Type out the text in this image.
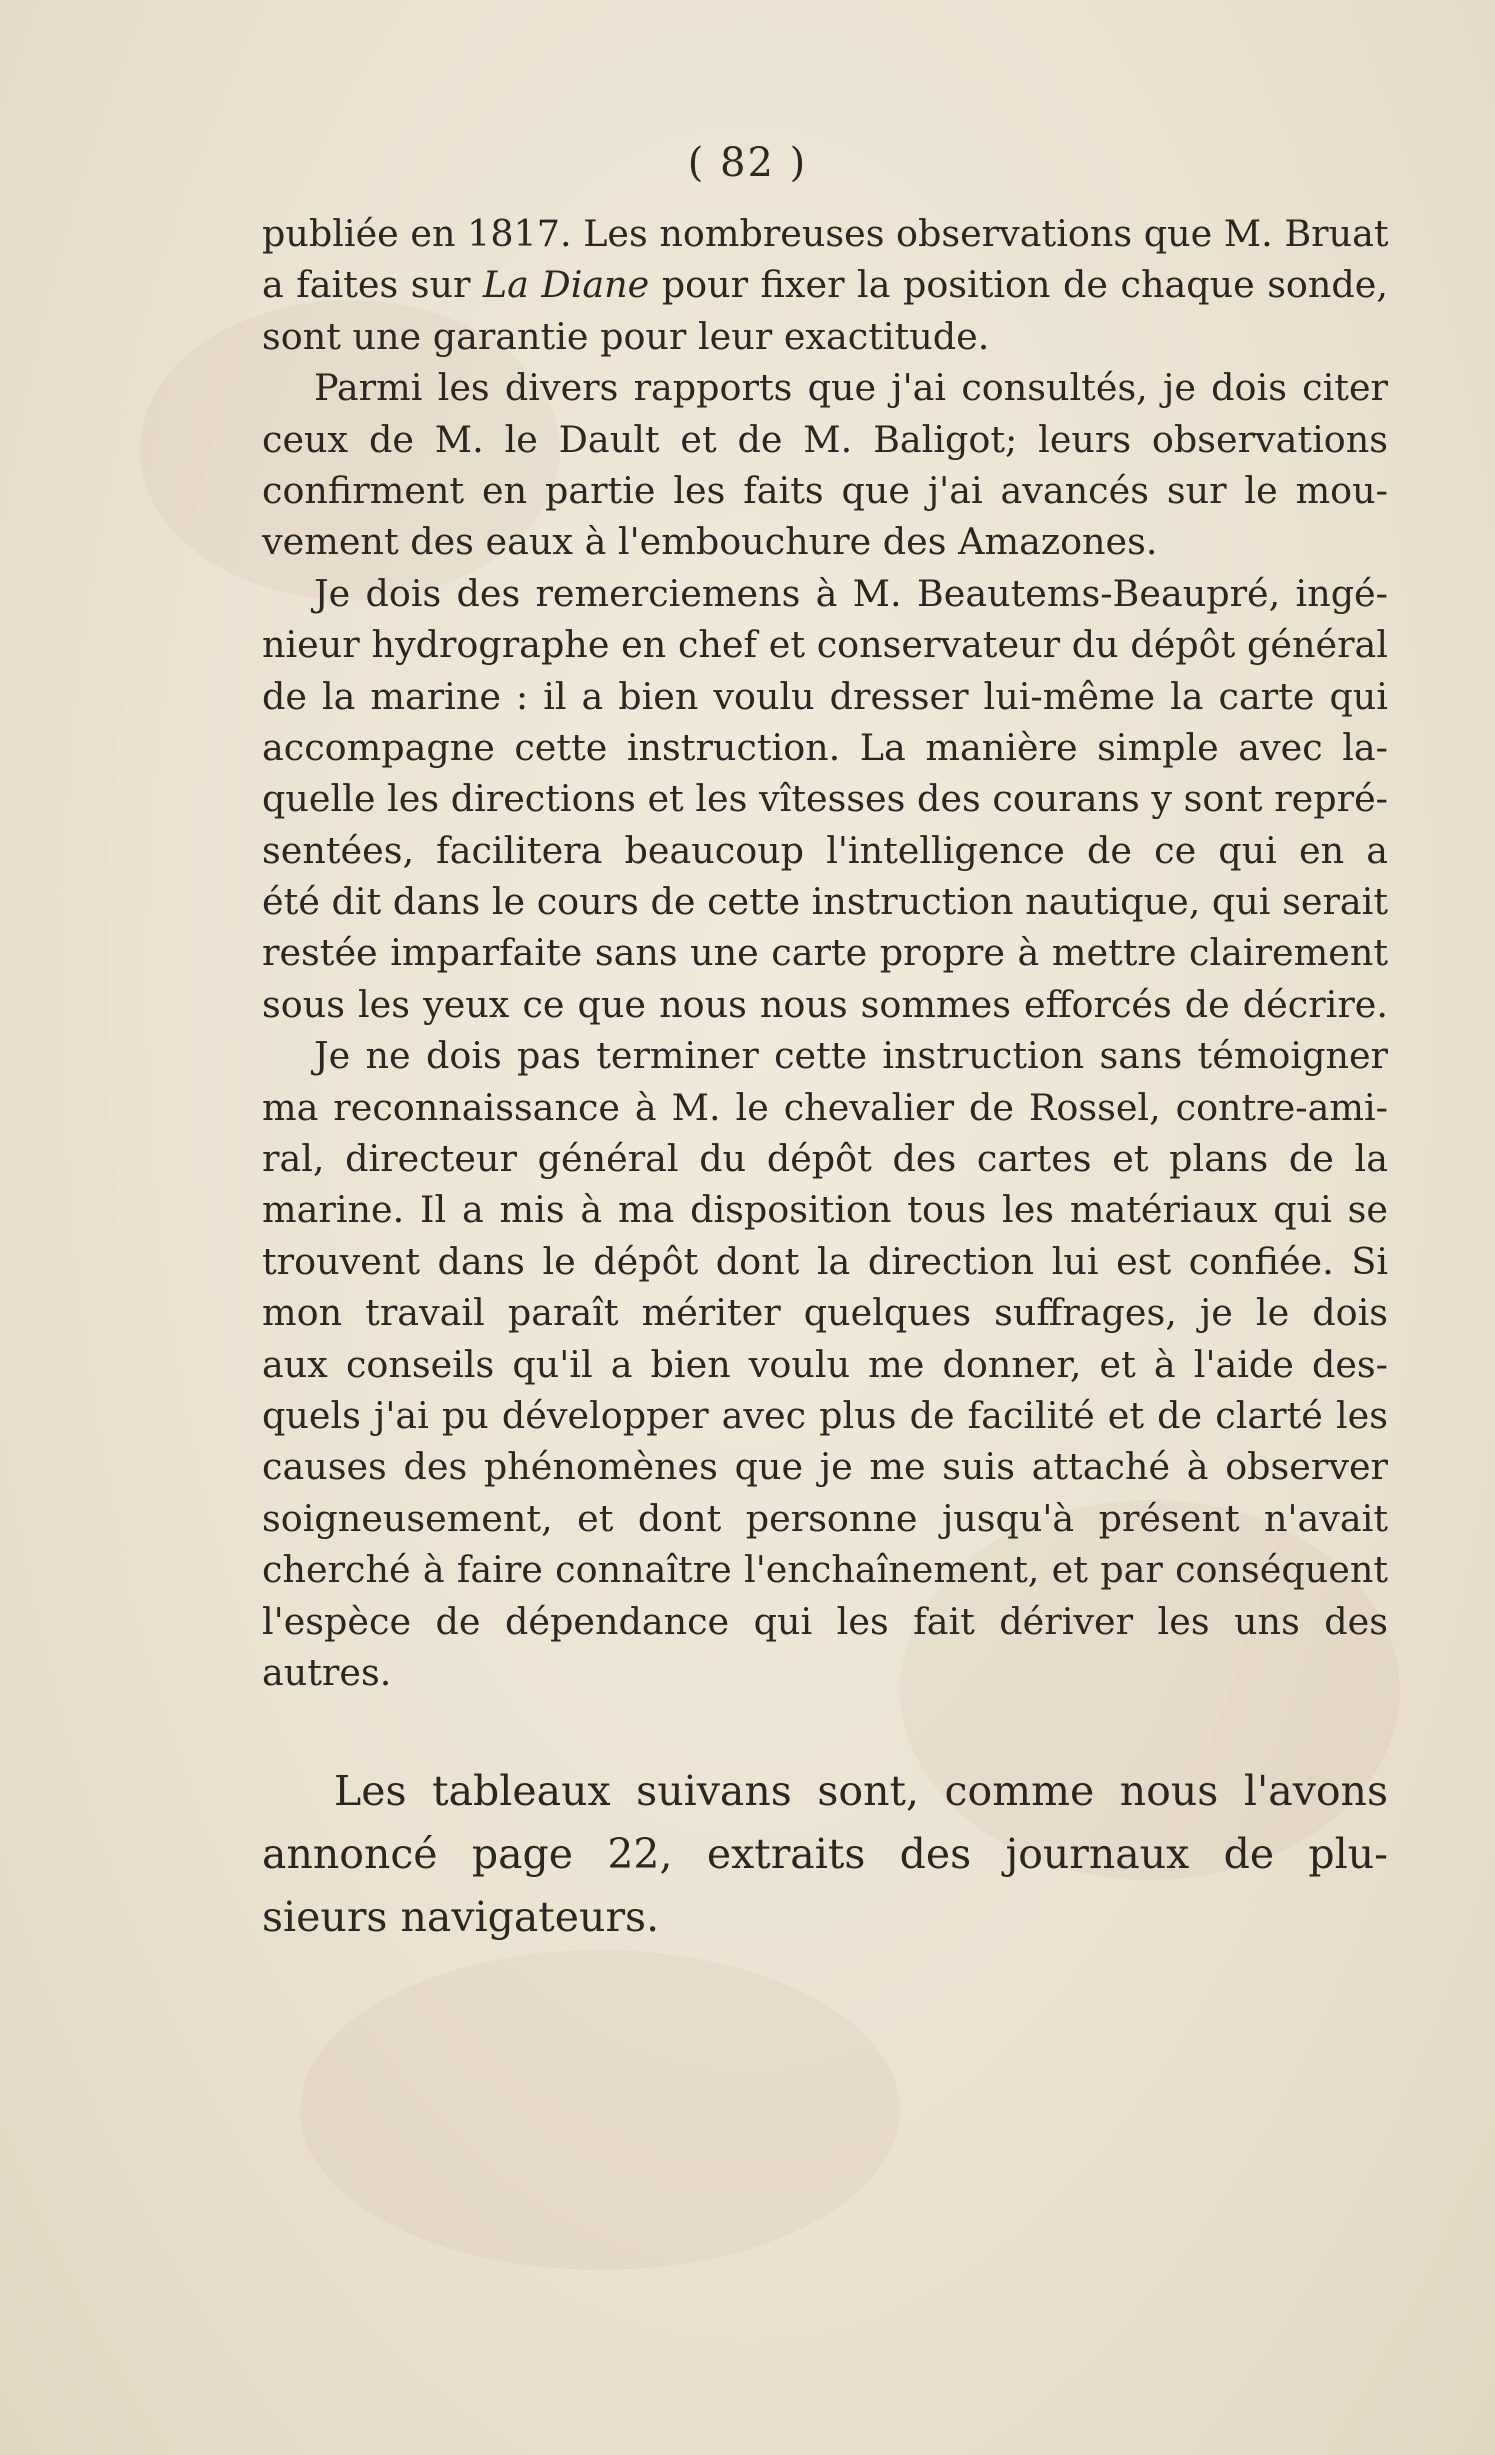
( 82 )
publiée en 1817. Les nombreuses observations que M. Bruat
a faites sur La Diane pour fixer la position de chaque sonde,
sont une garantie pour leur exactitude.
Parmi les divers rapports que j'ai consultés, je dois citer
ceux de M. le Dault et de M. Baligot; leurs observations
confirment en partie les faits que j'ai avancés sur le mou-
vement des eaux à l'embouchure des Amazones.
Je dois des remerciemens à M. Beautems-Beaupré, ingé-
nieur hydrographe en chef et conservateur du dépôt général
de la marine : il a bien voulu dresser lui-même la carte qui
accompagne cette instruction. La manière simple avec la-
quelle les directions et les vîtesses des courans y sont repré-
sentées, facilitera beaucoup l'intelligence de ce qui en a
été dit dans le cours de cette instruction nautique, qui serait
restée imparfaite sans une carte propre à mettre clairement
sous les yeux ce que nous nous sommes efforcés de décrire.
Je ne dois pas terminer cette instruction sans témoigner
ma reconnaissance à M. le chevalier de Rossel, contre-ami-
ral, directeur général du dépôt des cartes et plans de la
marine. Il a mis à ma disposition tous les matériaux qui se
trouvent dans le dépôt dont la direction lui est confiée. Si
mon travail paraît mériter quelques suffrages, je le dois
aux conseils qu'il a bien voulu me donner, et à l'aide des-
quels j'ai pu développer avec plus de facilité et de clarté les
causes des phénomènes que je me suis attaché à observer
soigneusement, et dont personne jusqu'à présent n'avait
cherché à faire connaître l'enchaînement, et par conséquent
l'espèce de dépendance qui les fait dériver les uns des
autres.
Les tableaux suivans sont, comme nous l'avons
annoncé page 22, extraits des journaux de plu-
sieurs navigateurs.
